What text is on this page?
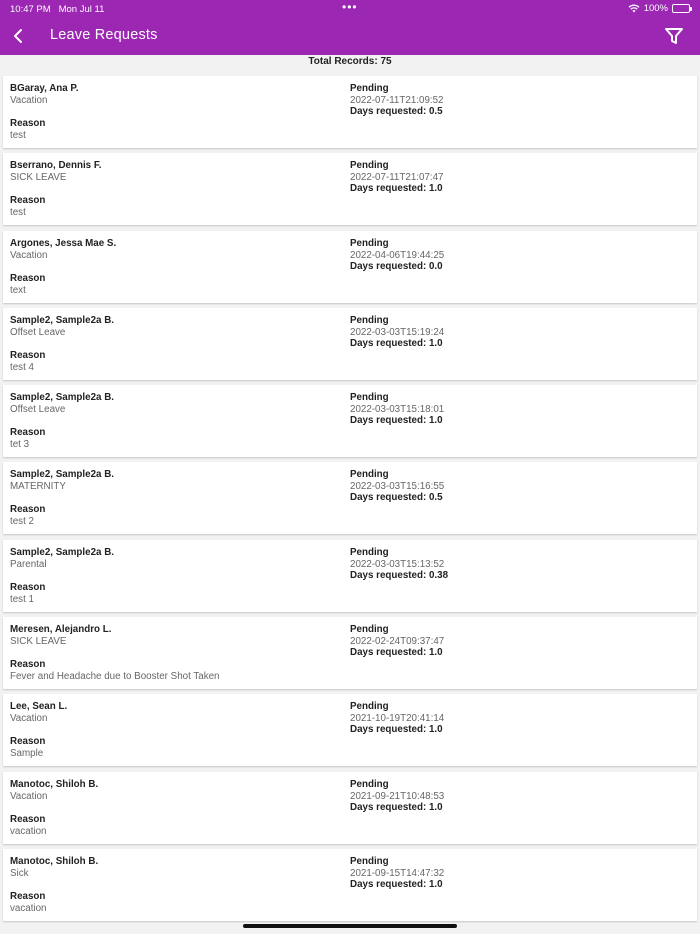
10:47 PM Mon Jul 11	•••	100%
Leave Requests
Total Records: 75
BGaray, Ana P.
Vacation
Reason
test
Pending
2022-07-11T21:09:52
Days requested: 0.5
Bserrano, Dennis F.
SICK LEAVE
Reason
test
Pending
2022-07-11T21:07:47
Days requested: 1.0
Argones, Jessa Mae S.
Vacation
Reason
text
Pending
2022-04-06T19:44:25
Days requested: 0.0
Sample2, Sample2a B.
Offset Leave
Reason
test 4
Pending
2022-03-03T15:19:24
Days requested: 1.0
Sample2, Sample2a B.
Offset Leave
Reason
tet 3
Pending
2022-03-03T15:18:01
Days requested: 1.0
Sample2, Sample2a B.
MATERNITY
Reason
test 2
Pending
2022-03-03T15:16:55
Days requested: 0.5
Sample2, Sample2a B.
Parental
Reason
test 1
Pending
2022-03-03T15:13:52
Days requested: 0.38
Meresen, Alejandro L.
SICK LEAVE
Reason
Fever and Headache due to Booster Shot Taken
Pending
2022-02-24T09:37:47
Days requested: 1.0
Lee, Sean L.
Vacation
Reason
Sample
Pending
2021-10-19T20:41:14
Days requested: 1.0
Manotoc, Shiloh B.
Vacation
Reason
vacation
Pending
2021-09-21T10:48:53
Days requested: 1.0
Manotoc, Shiloh B.
Sick
Reason
vacation
Pending
2021-09-15T14:47:32
Days requested: 1.0
